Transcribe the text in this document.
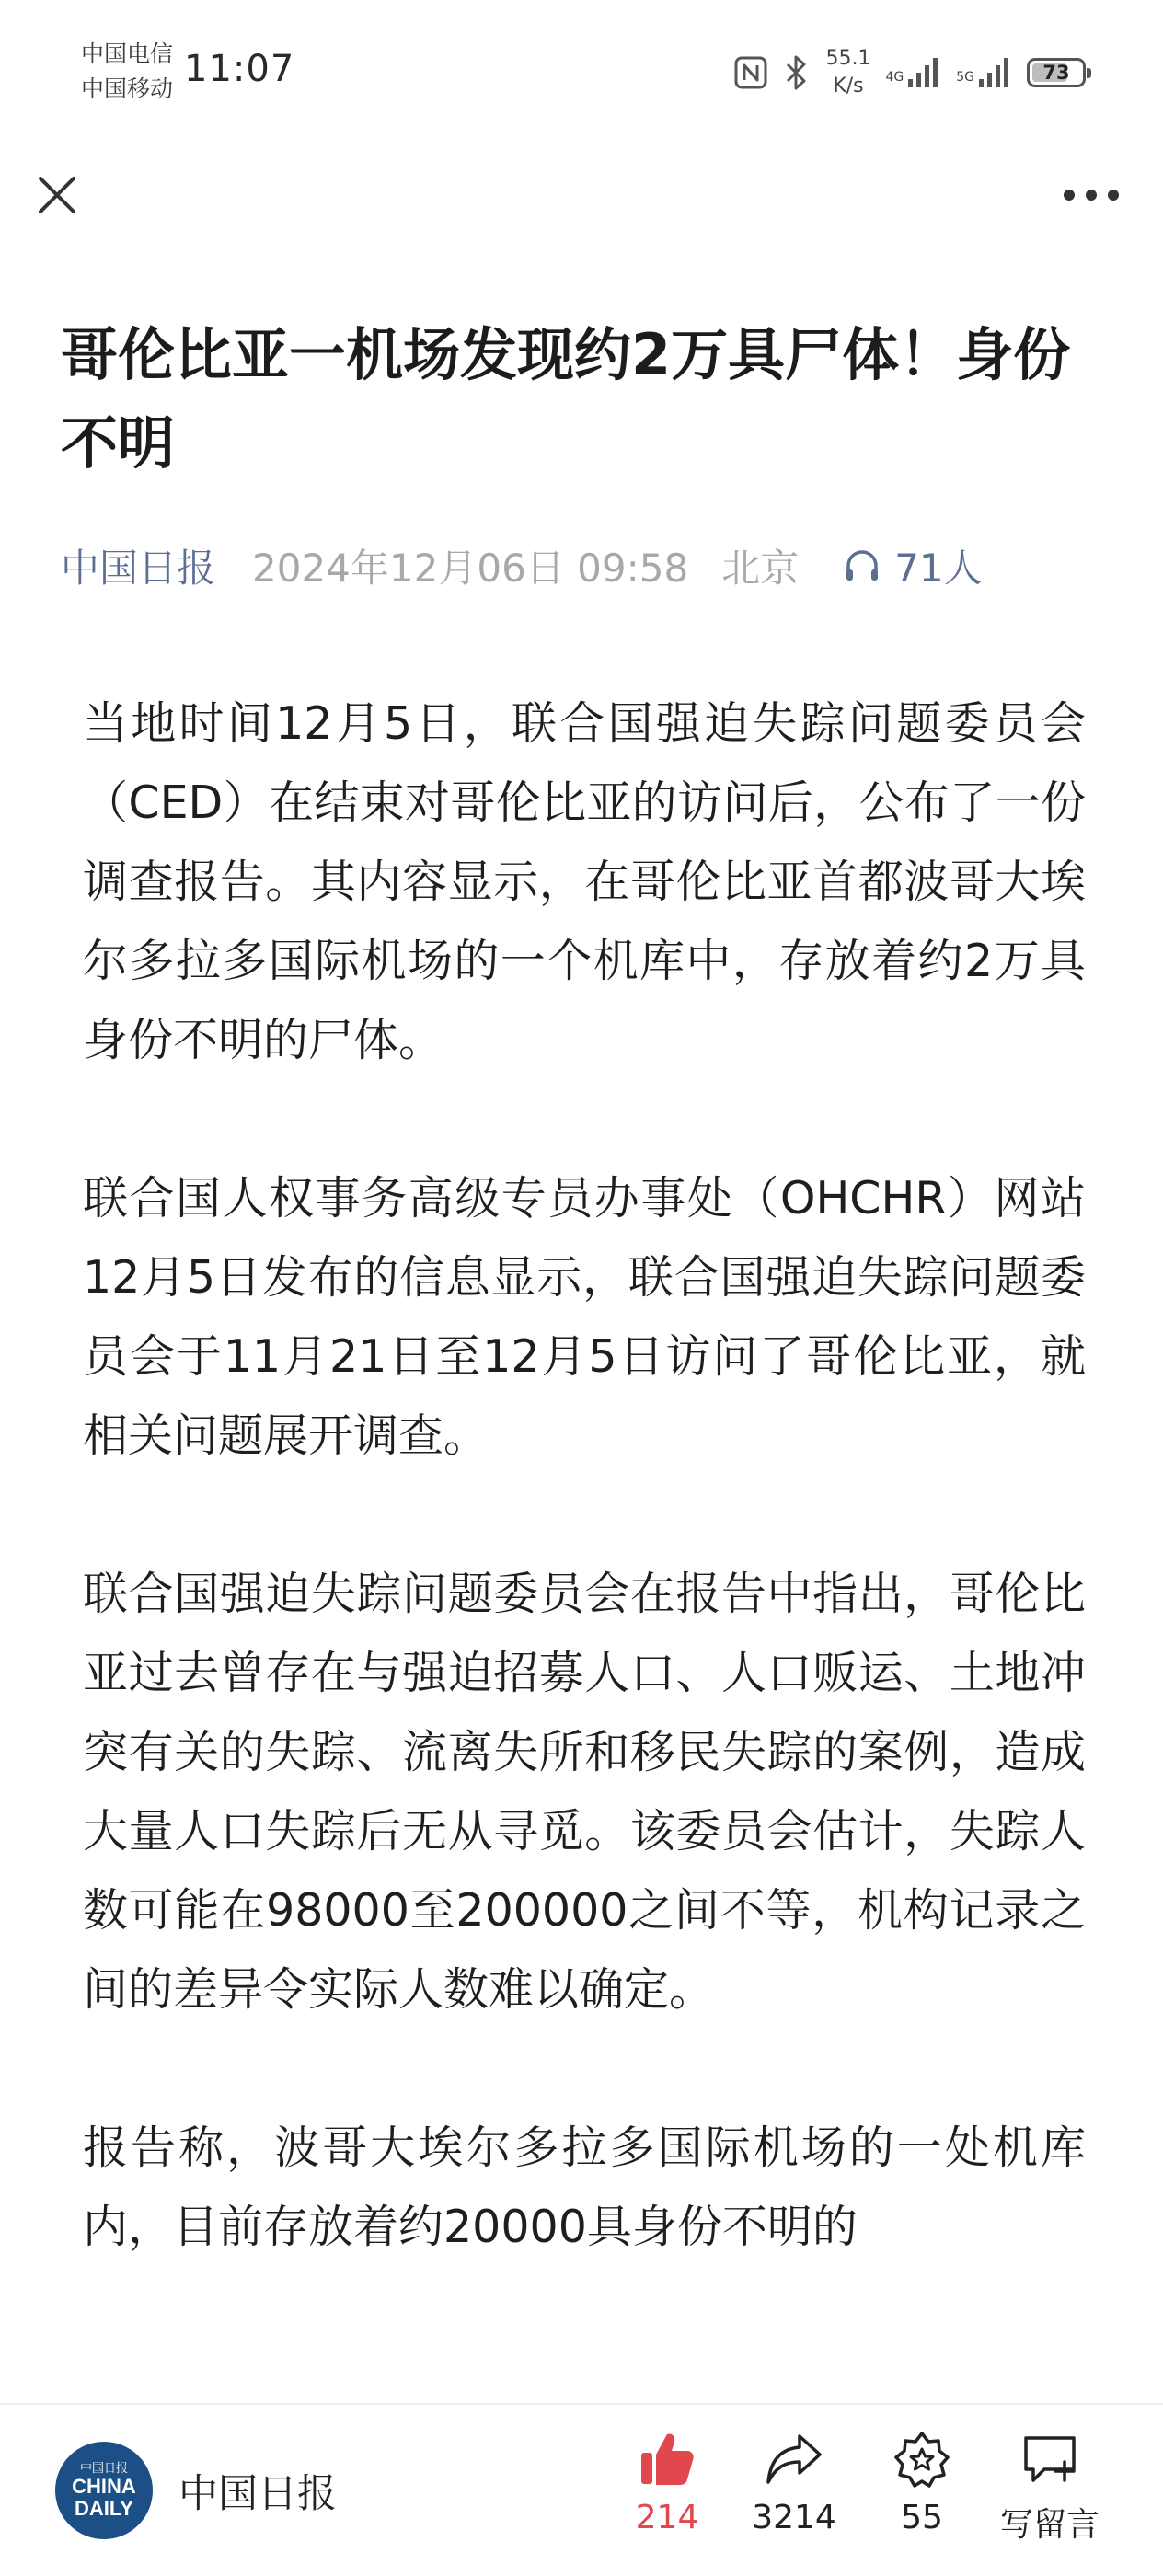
中国电信
中国移动 11:07	55.1
K/s 4G	5G	73
哥伦比亚一机场发现约2万具尸体！身份不明
中国日报 2024年12月06日 09:58 北京 71人

当地时间12月5日，联合国强迫失踪问题委员会（CED）在结束对哥伦比亚的访问后，公布了一份调查报告。其内容显示，在哥伦比亚首都波哥大埃尔多拉多国际机场的一个机库中，存放着约2万具身份不明的尸体。

联合国人权事务高级专员办事处（OHCHR）网站12月5日发布的信息显示，联合国强迫失踪问题委员会于11月21日至12月5日访问了哥伦比亚，就相关问题展开调查。

联合国强迫失踪问题委员会在报告中指出，哥伦比亚过去曾存在与强迫招募人口、人口贩运、土地冲突有关的失踪、流离失所和移民失踪的案例，造成大量人口失踪后无从寻觅。该委员会估计，失踪人数可能在98000至200000之间不等，机构记录之间的差异令实际人数难以确定。

报告称，波哥大埃尔多拉多国际机场的一处机库内，目前存放着约20000具身份不明的

中国日报
CHINA
DAILY 中国日报
214 3214 55 写留言
